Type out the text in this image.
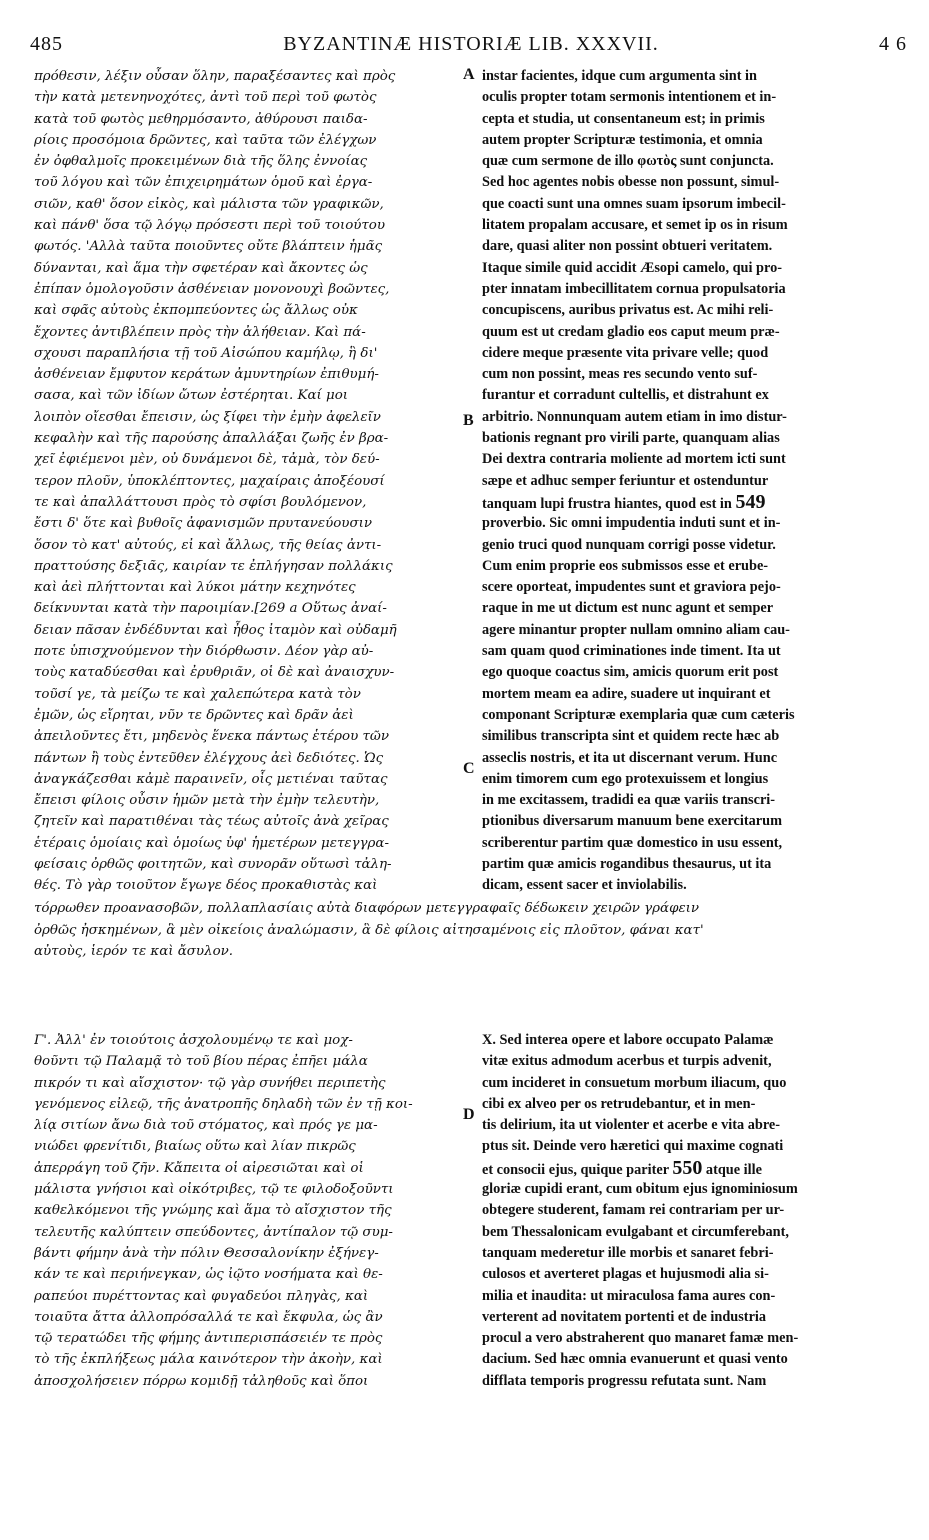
485	BYZANTINÆ HISTORIÆ LIB. XXXVII.	4 6
πρόθεσιν, λέξιν οὖσαν ὅλην, παραξέσαντες καὶ πρὸς
τὴν κατὰ μετενηνοχότες, ἀντὶ τοῦ περὶ τοῦ φωτὸς
κατὰ τοῦ φωτὸς μεθηρμόσαντο, ἀθύρουσι παιδα-
ρίοις προσόμοια δρῶντες, καὶ ταῦτα τῶν ἐλέγχων
ἐν ὀφθαλμοῖς προκειμένων διὰ τῆς ὅλης ἐννοίας
τοῦ λόγου καὶ τῶν ἐπιχειρημάτων ὁμοῦ καὶ ἐργα-
σιῶν, καθ' ὅσον εἰκὸς, καὶ μάλιστα τῶν γραφικῶν,
καὶ πάνθ' ὅσα τῷ λόγῳ πρόσεστι περὶ τοῦ τοιούτου
φωτός. 'Αλλὰ ταῦτα ποιοῦντες οὔτε βλάπτειν ἡμᾶς
δύνανται, καὶ ἅμα τὴν σφετέραν καὶ ἄκοντες ὡς
ἐπίπαν ὁμολογοῦσιν ἀσθένειαν μονονουχὶ βοῶντες,
καὶ σφᾶς αὐτοὺς ἐκπομπεύοντες ὡς ἄλλως οὐκ
ἔχοντες ἀντιβλέπειν πρὸς τὴν ἀλήθειαν. Καὶ πά-
σχουσι παραπλήσια τῇ τοῦ Αἰσώπου καμήλῳ, ἣ δι'
ἀσθένειαν ἔμφυτον κεράτων ἀμυντηρίων ἐπιθυμή-
σασα, καὶ τῶν ἰδίων ὤτων ἐστέρηται. Καί μοι
λοιπὸν οἴεσθαι ἔπεισιν, ὡς ξίφει τὴν ἐμὴν ἀφελεῖν
κεφαλὴν καὶ τῆς παρούσης ἀπαλλάξαι ζωῆς ἐν βρα-
χεῖ ἐφιέμενοι μὲν, οὐ δυνάμενοι δὲ, τἀμὰ, τὸν δεύ-
τερον πλοῦν, ὑποκλέπτοντες, μαχαίραις ἀποξέουσί
τε καὶ ἀπαλλάττουσι πρὸς τὸ σφίσι βουλόμενον,
ἔστι δ' ὅτε καὶ βυθοῖς ἀφανισμῶν πρυτανεύουσιν
ὅσον τὸ κατ' αὐτούς, εἰ καὶ ἄλλως, τῆς θείας ἀντι-
πραττούσης δεξιᾶς, καιρίαν τε ἐπλήγησαν πολλάκις
καὶ ἀεὶ πλήττονται καὶ λύκοι μάτην κεχηνότες
δείκνυνται κατὰ τὴν παροιμίαν.[269 a Οὕτως ἀναί-
δειαν πᾶσαν ἐνδέδυνται καὶ ἦθος ἰταμὸν καὶ οὐδαμῆ
ποτε ὑπισχνούμενον τὴν διόρθωσιν. Δέον γὰρ αὐ-
τοὺς καταδύεσθαι καὶ ἐρυθριᾶν, οἱ δὲ καὶ ἀναισχυν-
τοῦσί γε, τὰ μείζω τε καὶ χαλεπώτερα κατὰ τὸν
ἐμῶν, ὡς εἴρηται, νῦν τε δρῶντες καὶ δρᾶν ἀεὶ
ἀπειλοῦντες ἔτι, μηδενὸς ἕνεκα πάντως ἑτέρου τῶν
πάντων ἢ τοὺς ἐντεῦθεν ἐλέγχους ἀεὶ δεδιότες. Ὡς
ἀναγκάζεσθαι κἀμὲ παραινεῖν, οἷς μετιέναι ταῦτας
ἔπεισι φίλοις οὖσιν ἡμῶν μετὰ τὴν ἐμὴν τελευτὴν,
ζητεῖν καὶ παρατιθέναι τὰς τέως αὐτοῖς ἀνὰ χεῖρας
ἑτέραις ὁμοίαις καὶ ὁμοίως ὑφ' ἡμετέρων μετεγγρα-
φείσαις ὀρθῶς φοιτητῶν, καὶ συνορᾶν οὕτωσὶ τἀλη-
θές. Τὸ γὰρ τοιοῦτον ἔγωγε δέος προκαθιστὰς καὶ
instar facientes, idque cum argumenta sint in
oculis propter totam sermonis intentionem et in-
cepta et studia, ut consentaneum est; in primis
autem propter Scripturæ testimonia, et omnia
quæ cum sermone de illo φωτὸς sunt conjuncta.
Sed hoc agentes nobis obesse non possunt, simul-
que coacti sunt una omnes suam ipsorum imbecil-
litatem propalam accusare, et semet ip os in risum
dare, quasi aliter non possint obtueri veritatem.
Itaque simile quid accidit Æsopi camelo, qui pro-
pter innatam imbecillitatem cornua propulsatoria
concupiscens, auribus privatus est. Ac mihi reli-
quum est ut credam gladio eos caput meum præ-
cidere meque præsente vita privare velle; quod
cum non possint, meas res secundo vento suf-
furantur et corradunt cultellis, et distrahunt ex
arbitrio. Nonnunquam autem etiam in imo distur-
bationis regnant pro virili parte, quanquam alias
Dei dextra contraria moliente ad mortem icti sunt
sæpe et adhuc semper feriuntur et ostenduntur
tanquam lupi frustra hiantes, quod est in 549
proverbio. Sic omni impudentia induti sunt et in-
genio truci quod nunquam corrigi posse videtur.
Cum enim proprie eos submissos esse et erube-
scere oporteat, impudentes sunt et graviora pejo-
raque in me ut dictum est nunc agunt et semper
agere minantur propter nullam omnino aliam cau-
sam quam quod criminationes inde timent. Ita ut
ego quoque coactus sim, amicis quorum erit post
mortem meam ea adire, suadere ut inquirant et
componant Scripturæ exemplaria quæ cum cæteris
similibus transcripta sint et quidem recte hæc ab
asseclis nostris, et ita ut discernant verum. Hunc
enim timorem cum ego protexuissem et longius
in me excitassem, tradidi ea quæ variis transcri-
ptionibus diversarum manuum bene exercitarum
scriberentur partim quæ domestico in usu essent,
partim quæ amicis rogandibus thesaurus, ut ita
dicam, essent sacer et inviolabilis.
τόρρωθεν προανασοβῶν, πολλαπλασίαις αὐτὰ διαφόρων μετεγγραφαῖς δέδωκειν χειρῶν γράφειν
ὀρθῶς ἠσκημένων, ἃ μὲν οἰκείοις ἀναλώμασιν, ἃ δὲ φίλοις αἰτησαμένοις εἰς πλοῦτον, φάναι κατ'
αὐτοὺς, ἱερόν τε καὶ ἄσυλον.
Γ'. Ἀλλ' ἐν τοιούτοις ἀσχολουμένῳ τε καὶ μοχ-
θοῦντι τῷ Παλαμᾷ τὸ τοῦ βίου πέρας ἐπῆει μάλα
πικρόν τι καὶ αἴσχιστον· τῷ γὰρ συνήθει περιπετὴς
γενόμενος εἰλεῷ, τῆς ἀνατροπῆς δηλαδὴ τῶν ἐν τῇ κοι-
λίᾳ σιτίων ἄνω διὰ τοῦ στόματος, καὶ πρός γε μα-
νιώδει φρενίτιδι, βιαίως οὕτω καὶ λίαν πικρῶς
ἀπερράγη τοῦ ζῆν. Κἄπειτα οἱ αἱρεσιῶται καὶ οἱ
μάλιστα γνήσιοι καὶ οἰκότριβες, τῷ τε φιλοδοξοῦντι
καθελκόμενοι τῆς γνώμης καὶ ἅμα τὸ αἴσχιστον τῆς
τελευτῆς καλύπτειν σπεύδοντες, ἀντίπαλον τῷ συμ-
βάντι φήμην ἀνὰ τὴν πόλιν Θεσσαλονίκην ἐξήνεγ-
κάν τε καὶ περιήνεγκαν, ὡς ἰῷτο νοσήματα καὶ θε-
ραπεύοι πυρέττοντας καὶ φυγαδεύοι πληγὰς, καὶ
τοιαῦτα ἄττα ἀλλοπρόσαλλά τε καὶ ἔκφυλα, ὡς ἂν
τῷ τερατώδει τῆς φήμης ἀντιπερισπάσειέν τε πρὸς
τὸ τῆς ἐκπλήξεως μάλα καινότερον τὴν ἀκοὴν, καὶ
ἀποσχολήσειεν πόρρω κομιδῇ τἀληθοῦς καὶ ὅποι
X. Sed interea opere et labore occupato Palamæ
vitæ exitus admodum acerbus et turpis advenit,
cum incideret in consuetum morbum iliacum, quo
cibi ex alveo per os retrudebantur, et in men-
tis delirium, ita ut violenter et acerbe e vita abre-
ptus sit. Deinde vero hæretici qui maxime cognati
et consocii ejus, quique pariter 550 atque ille
gloriæ cupidi erant, cum obitum ejus ignominiosum
obtegere studerent, famam rei contrariam per ur-
bem Thessalonicam evulgabant et circumferebant,
tanquam mederetur ille morbis et sanaret febri-
culosos et averteret plagas et hujusmodi alia si-
milia et inaudita: ut miraculosa fama aures con-
verterent ad novitatem portenti et de industria
procul a vero abstraherent quo manaret famæ men-
dacium. Sed hæc omnia evanuerunt et quasi vento
difflata temporis progressu refutata sunt. Nam
A
B
C
D
